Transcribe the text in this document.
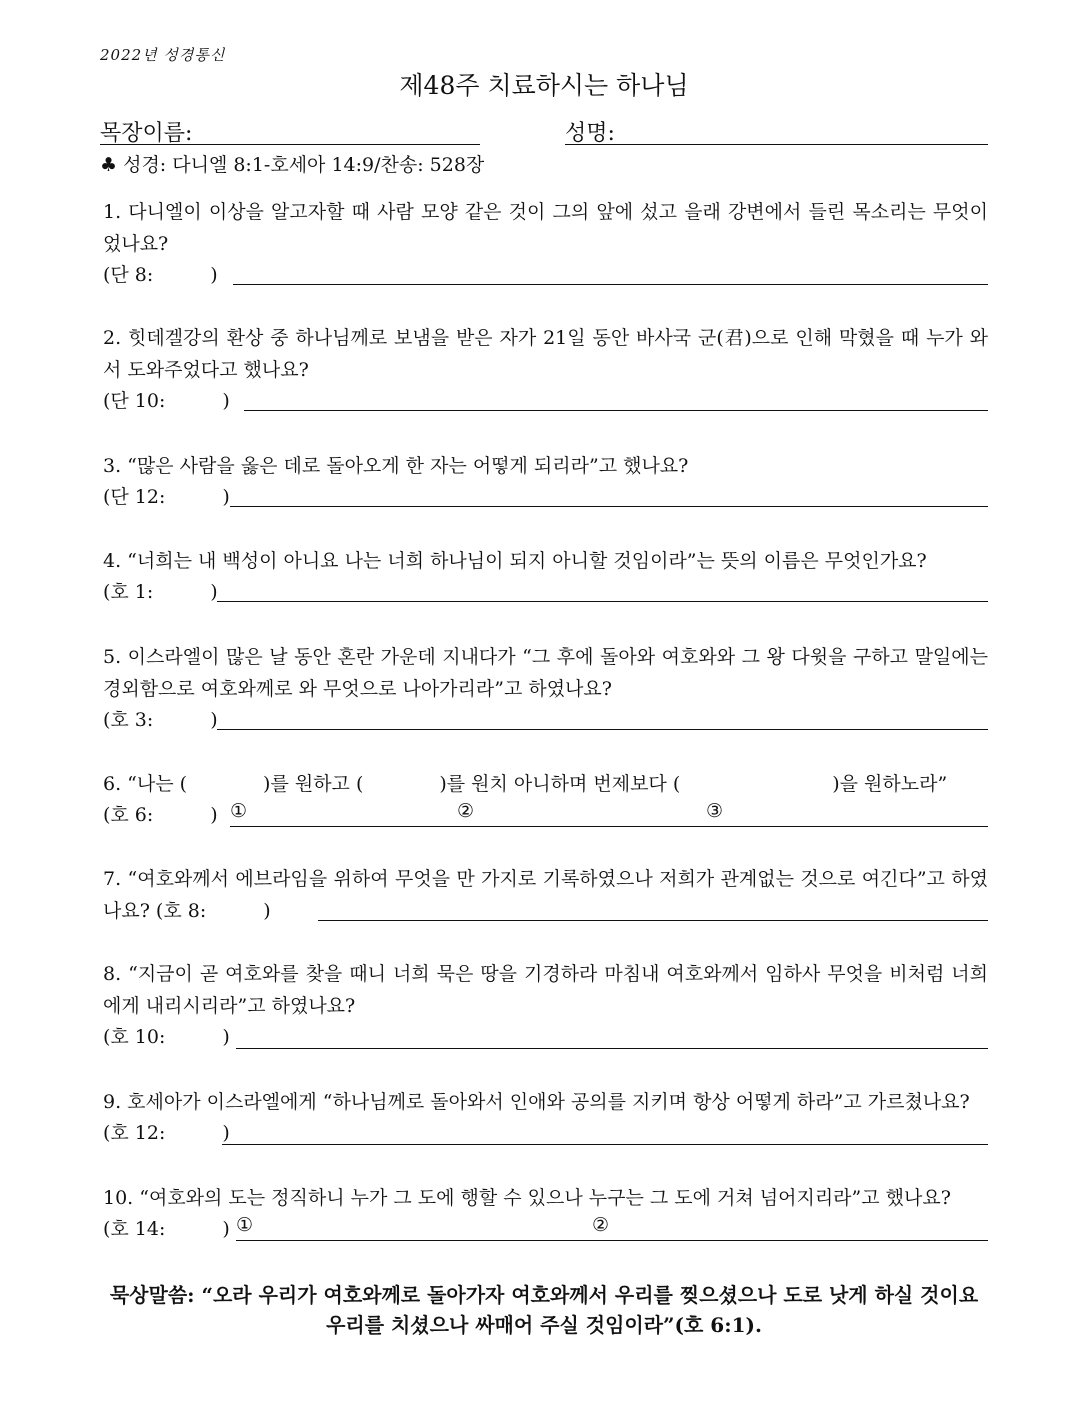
2022년 성경통신
제48주 치료하시는 하나님
목장이름:	성명:
♣ 성경: 다니엘 8:1-호세아 14:9/찬송: 528장
1. 다니엘이 이상을 알고자할 때 사람 모양 같은 것이 그의 앞에 섰고 을래 강변에서 들린 목소리는 무엇이었나요?
(단 8:　　　)
2. 힛데겔강의 환상 중 하나님께로 보냄을 받은 자가 21일 동안 바사국 군(君)으로 인해 막혔을 때 누가 와서 도와주었다고 했나요?
(단 10:　　　)
3. “많은 사람을 옳은 데로 돌아오게 한 자는 어떻게 되리라”고 했나요?
(단 12:　　　)
4. “너희는 내 백성이 아니요 나는 너희 하나님이 되지 아니할 것임이라”는 뜻의 이름은 무엇인가요?
(호 1:　　　)
5. 이스라엘이 많은 날 동안 혼란 가운데 지내다가 “그 후에 돌아와 여호와와 그 왕 다윗을 구하고 말일에는 경외함으로 여호와께로 와 무엇으로 나아가리라”고 하였나요?
(호 3:　　　)
6. “나는 (　　　　)를 원하고 (　　　　)를 원치 아니하며 번제보다 (　　　　　　　　)을 원하노라”
(호 6:　　　) ①	②	③
7. “여호와께서 에브라임을 위하여 무엇을 만 가지로 기록하였으나 저희가 관계없는 것으로 여긴다”고 하였나요? (호 8:　　　)
8. “지금이 곧 여호와를 찾을 때니 너희 묵은 땅을 기경하라 마침내 여호와께서 임하사 무엇을 비처럼 너희에게 내리시리라”고 하였나요?
(호 10:　　　)
9. 호세아가 이스라엘에게 “하나님께로 돌아와서 인애와 공의를 지키며 항상 어떻게 하라”고 가르쳤나요?
(호 12:　　　)
10. “여호와의 도는 정직하니 누가 그 도에 행할 수 있으나 누구는 그 도에 거쳐 넘어지리라”고 했나요?
(호 14:　　　) ①	②
묵상말씀: “오라 우리가 여호와께로 돌아가자 여호와께서 우리를 찢으셨으나 도로 낫게 하실 것이요
우리를 치셨으나 싸매어 주실 것임이라”(호 6:1).
